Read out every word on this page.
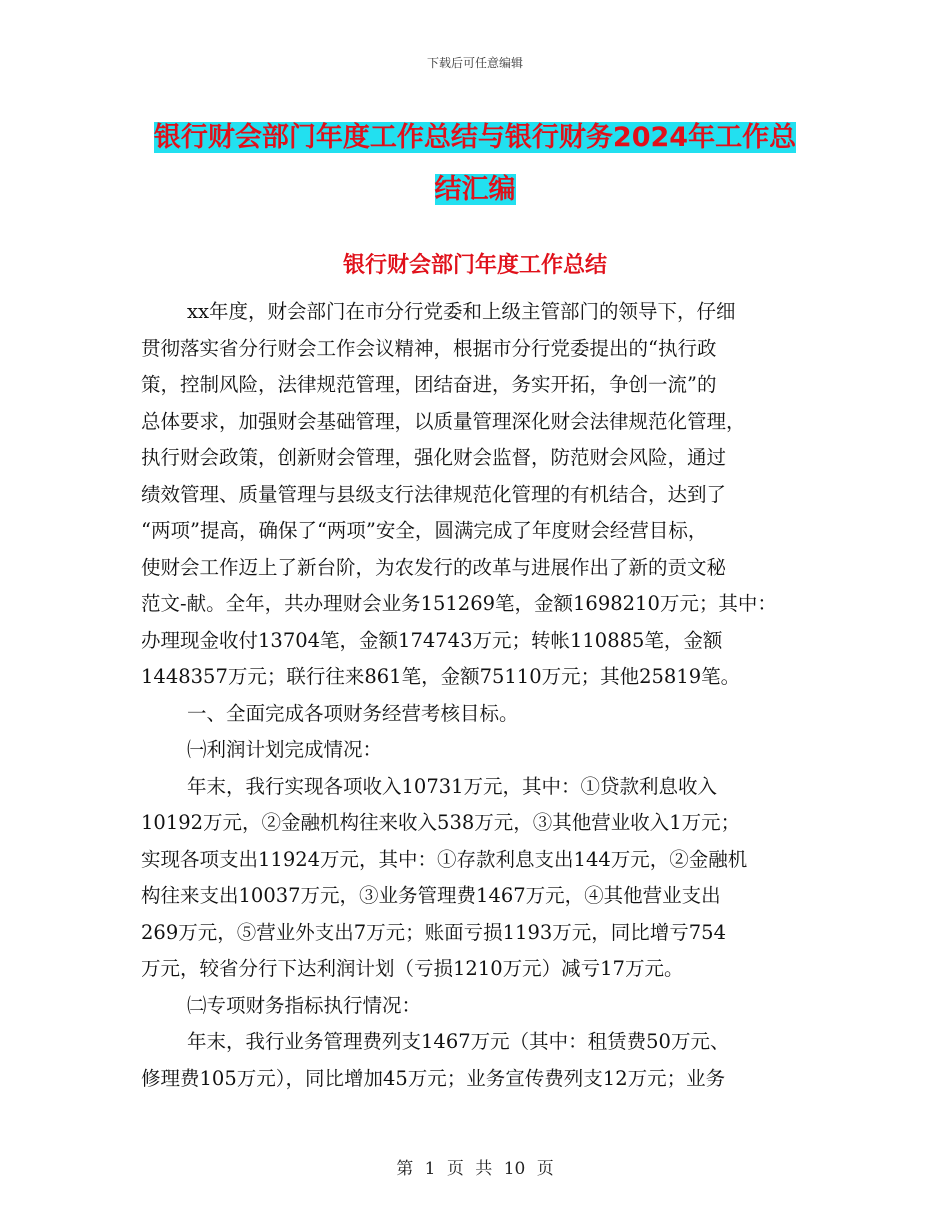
下载后可任意编辑
银行财会部门年度工作总结与银行财务2024年工作总
结汇编
银行财会部门年度工作总结
xx年度，财会部门在市分行党委和上级主管部门的领导下，仔细
贯彻落实省分行财会工作会议精神，根据市分行党委提出的“执行政
策，控制风险，法律规范管理，团结奋进，务实开拓，争创一流”的
总体要求，加强财会基础管理，以质量管理深化财会法律规范化管理，
执行财会政策，创新财会管理，强化财会监督，防范财会风险，通过
绩效管理、质量管理与县级支行法律规范化管理的有机结合，达到了
“两项”提高，确保了“两项”安全，圆满完成了年度财会经营目标，
使财会工作迈上了新台阶，为农发行的改革与进展作出了新的贡文秘
范文-献。全年，共办理财会业务151269笔，金额1698210万元；其中：
办理现金收付13704笔，金额174743万元；转帐110885笔，金额
1448357万元；联行往来861笔，金额75110万元；其他25819笔。
一、全面完成各项财务经营考核目标。
㈠利润计划完成情况：
年末，我行实现各项收入10731万元，其中：①贷款利息收入
10192万元，②金融机构往来收入538万元，③其他营业收入1万元；
实现各项支出11924万元，其中：①存款利息支出144万元，②金融机
构往来支出10037万元，③业务管理费1467万元，④其他营业支出
269万元，⑤营业外支出7万元；账面亏损1193万元，同比增亏754
万元，较省分行下达利润计划（亏损1210万元）减亏17万元。
㈡专项财务指标执行情况：
年末，我行业务管理费列支1467万元（其中：租赁费50万元、
修理费105万元），同比增加45万元；业务宣传费列支12万元；业务
第 1 页 共 10 页
